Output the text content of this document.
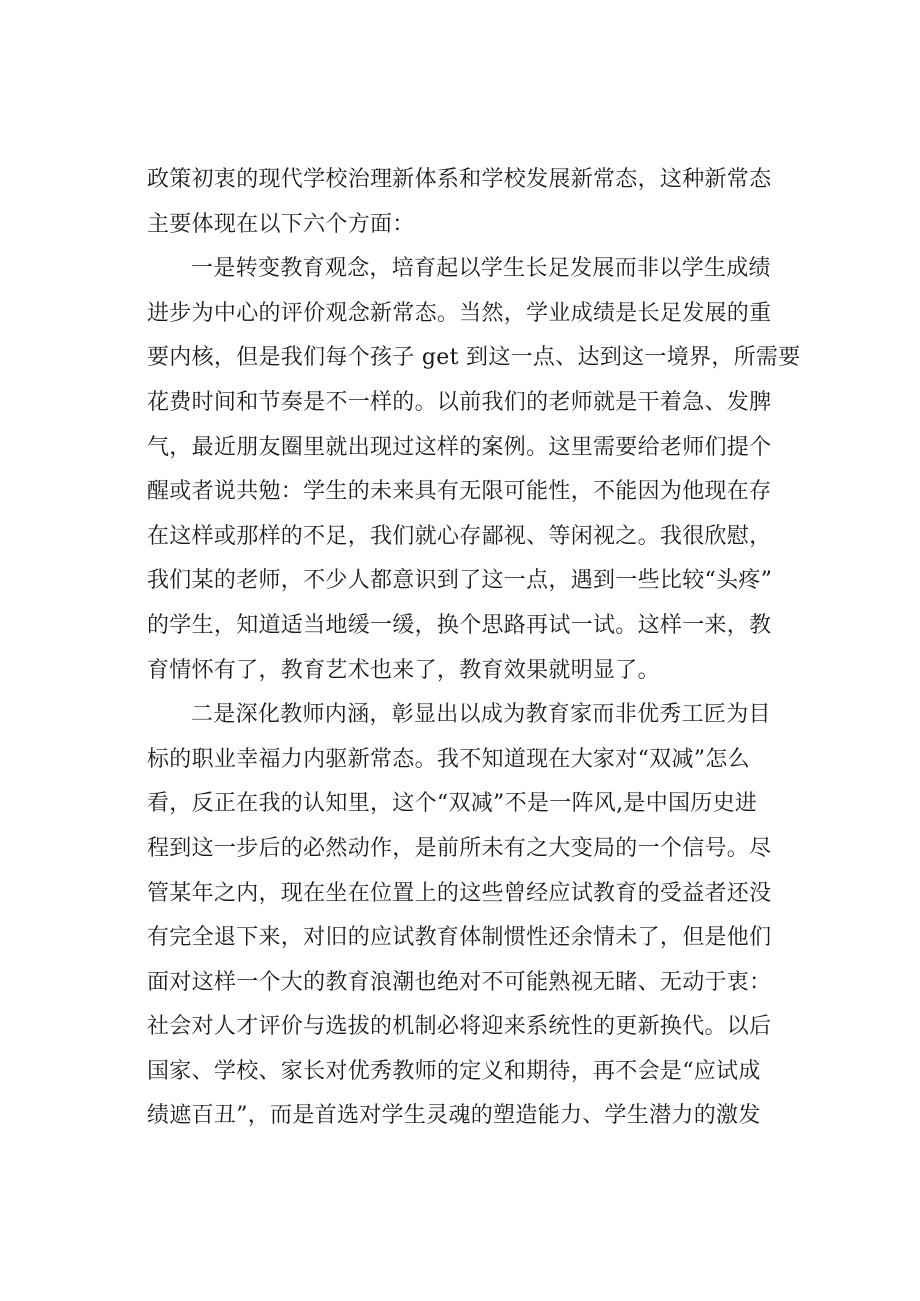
政策初衷的现代学校治理新体系和学校发展新常态，这种新常态
主要体现在以下六个方面：
一是转变教育观念，培育起以学生长足发展而非以学生成绩
进步为中心的评价观念新常态。当然，学业成绩是长足发展的重
要内核，但是我们每个孩子 get 到这一点、达到这一境界，所需要
花费时间和节奏是不一样的。以前我们的老师就是干着急、发脾
气，最近朋友圈里就出现过这样的案例。这里需要给老师们提个
醒或者说共勉：学生的未来具有无限可能性，不能因为他现在存
在这样或那样的不足，我们就心存鄙视、等闲视之。我很欣慰，
我们某的老师，不少人都意识到了这一点，遇到一些比较“头疼”
的学生，知道适当地缓一缓，换个思路再试一试。这样一来，教
育情怀有了，教育艺术也来了，教育效果就明显了。
二是深化教师内涵，彰显出以成为教育家而非优秀工匠为目
标的职业幸福力内驱新常态。我不知道现在大家对“双减”怎么
看，反正在我的认知里，这个“双减”不是一阵风,是中国历史进
程到这一步后的必然动作，是前所未有之大变局的一个信号。尽
管某年之内，现在坐在位置上的这些曾经应试教育的受益者还没
有完全退下来，对旧的应试教育体制惯性还余情未了，但是他们
面对这样一个大的教育浪潮也绝对不可能熟视无睹、无动于衷：
社会对人才评价与选拔的机制必将迎来系统性的更新换代。以后
国家、学校、家长对优秀教师的定义和期待，再不会是“应试成
绩遮百丑”，而是首选对学生灵魂的塑造能力、学生潜力的激发
